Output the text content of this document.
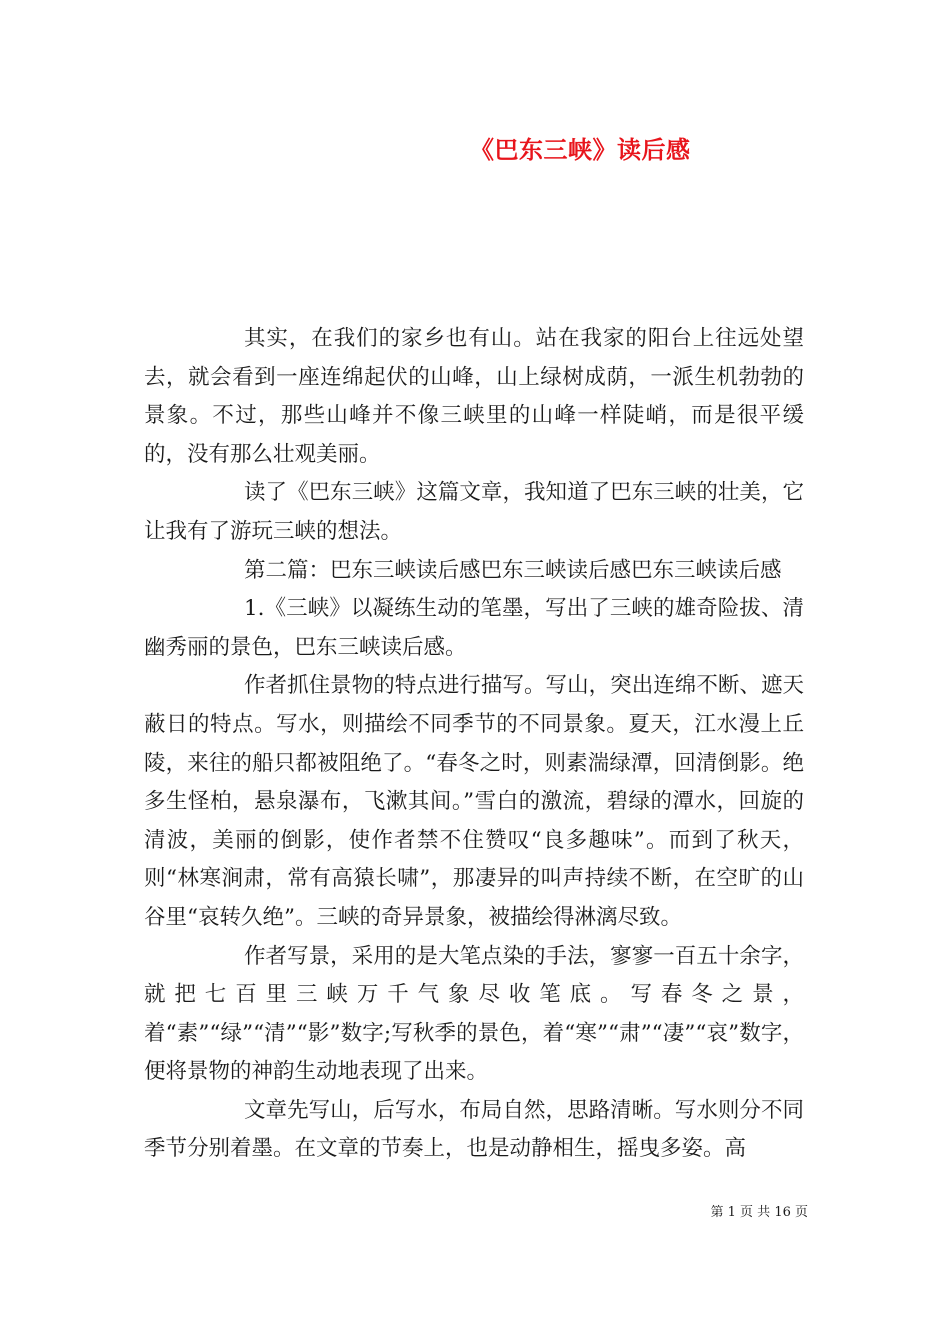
《巴东三峡》读后感

其实，在我们的家乡也有山。站在我家的阳台上往远处望去，就会看到一座连绵起伏的山峰，山上绿树成荫，一派生机勃勃的景象。不过，那些山峰并不像三峡里的山峰一样陡峭，而是很平缓的，没有那么壮观美丽。

读了《巴东三峡》这篇文章，我知道了巴东三峡的壮美，它让我有了游玩三峡的想法。

第二篇：巴东三峡读后感巴东三峡读后感巴东三峡读后感

1.《三峡》以凝练生动的笔墨，写出了三峡的雄奇险拔、清幽秀丽的景色，巴东三峡读后感。

作者抓住景物的特点进行描写。写山，突出连绵不断、遮天蔽日的特点。写水，则描绘不同季节的不同景象。夏天，江水漫上丘陵，来往的船只都被阻绝了。“春冬之时，则素湍绿潭，回清倒影。绝多生怪柏，悬泉瀑布，飞漱其间。”雪白的激流，碧绿的潭水，回旋的清波，美丽的倒影，使作者禁不住赞叹“良多趣味”。而到了秋天，则“林寒涧肃，常有高猿长啸”，那凄异的叫声持续不断，在空旷的山谷里“哀转久绝”。三峡的奇异景象，被描绘得淋漓尽致。

作者写景，采用的是大笔点染的手法，寥寥一百五十余字，就把七百里三峡万千气象尽收笔底。写春冬之景，着“素”“绿”“清”“影”数字;写秋季的景色，着“寒”“肃”“凄”“哀”数字，便将景物的神韵生动地表现了出来。

文章先写山，后写水，布局自然，思路清晰。写水则分不同季节分别着墨。在文章的节奏上，也是动静相生，摇曳多姿。高

第 1 页 共 16 页
